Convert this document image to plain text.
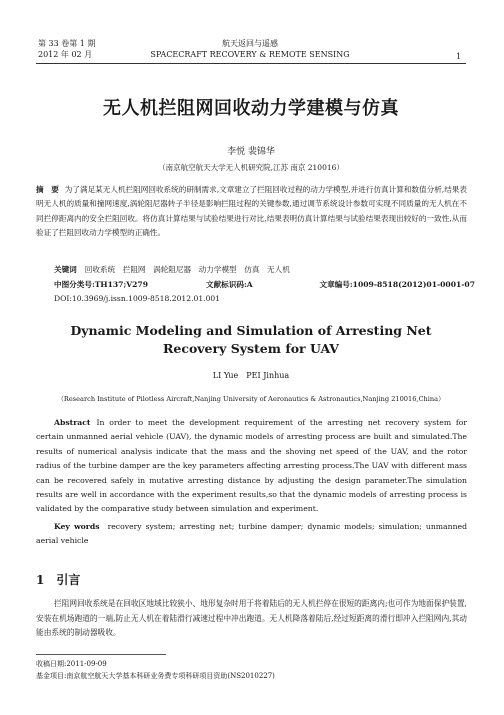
第 33 卷第 1 期
2012 年 02 月
航天返回与遥感
SPACECRAFT RECOVERY & REMOTE SENSING	1
无人机拦阻网回收动力学建模与仿真
李悦 裴锦华
（南京航空航天大学无人机研究院,江苏 南京 210016）
摘　要 为了满足某无人机拦阻网回收系统的研制需求,文章建立了拦阻回收过程的动力学模型,并进行仿真计算和数值分析,结果表明无人机的质量和撞网速度,涡轮阻尼器转子半径是影响拦阻过程的关键参数,通过调节系统设计参数可实现不同质量的无人机在不同拦停距离内的安全拦阻回收。将仿真计算结果与试验结果进行对比,结果表明仿真计算结果与试验结果表现出较好的一致性,从而验证了拦阻回收动力学模型的正确性。
关键词 回收系统　拦阻网　涡轮阻尼器　动力学模型　仿真　无人机
中图分类号:TH137;V279	文献标识码:A	文章编号:1009-8518(2012)01-0001-07
DOI:10.3969/j.issn.1009-8518.2012.01.001
Dynamic Modeling and Simulation of Arresting Net
Recovery System for UAV
LI Yue　PEI Jinhua
（Research Institute of Pilotless Aircraft,Nanjing University of Aeronautics & Astronautics,Nanjing 210016,China）
Abstract In order to meet the development requirement of the arresting net recovery system for certain unmanned aerial vehicle (UAV), the dynamic models of arresting process are built and simulated.The results of numerical analysis indicate that the mass and the shoving net speed of the UAV, and the rotor radius of the turbine damper are the key parameters affecting arresting process.The UAV with different mass can be recovered safely in mutative arresting distance by adjusting the design parameter.The simulation results are well in accordance with the experiment results,so that the dynamic models of arresting process is validated by the comparative study between simulation and experiment.
Key words recovery system; arresting net; turbine damper; dynamic models; simulation; unmanned aerial vehicle
1　引言
拦阻网回收系统是在回收区地域比较狭小、地形复杂时用于将着陆后的无人机拦停在很短的距离内;也可作为地面保护装置,安装在机场跑道的一端,防止无人机在着陆滑行减速过程中冲出跑道。无人机降落着陆后,经过短距离的滑行即冲入拦阻网内,其动能由系统的制动器吸收。
收稿日期:2011-09-09
基金项目:南京航空航天大学基本科研业务费专项科研项目资助(NS2010227)
